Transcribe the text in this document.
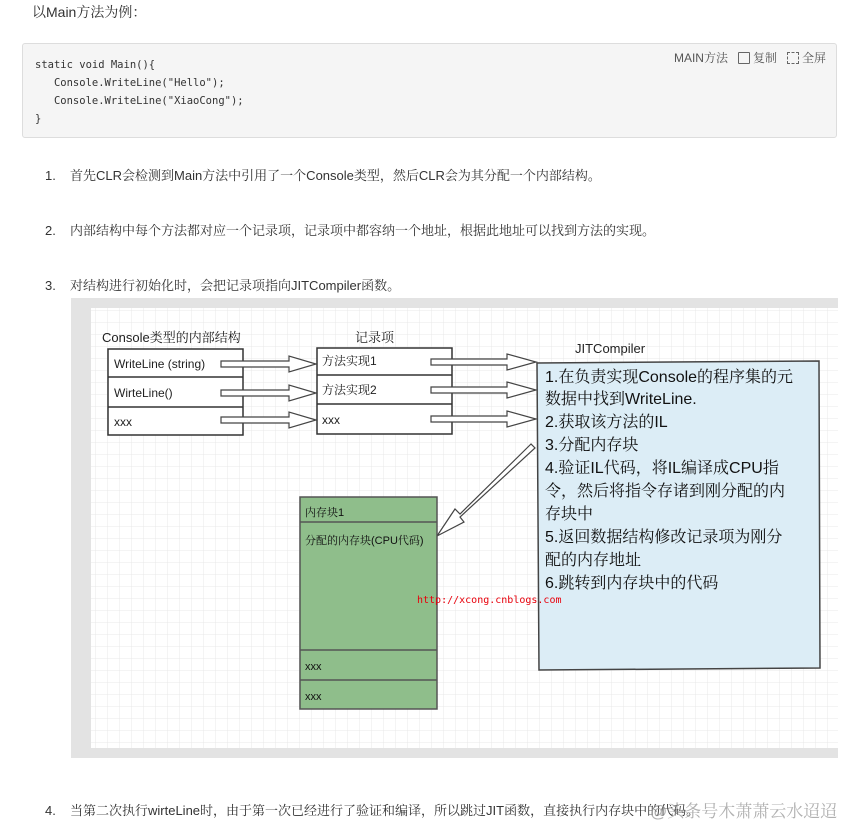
以Main方法为例：
static void Main(){
Console.WriteLine("Hello");
Console.WriteLine("XiaoCong");
}
MAIN方法 复制 全屏
1. 首先CLR会检测到Main方法中引用了一个Console类型，然后CLR会为其分配一个内部结构。
2. 内部结构中每个方法都对应一个记录项，记录项中都容纳一个地址，根据此地址可以找到方法的实现。
3. 对结构进行初始化时，会把记录项指向JITCompiler函数。
4. 当第二次执行wirteLine时，由于第一次已经进行了验证和编译，所以跳过JIT函数，直接执行内存块中的代码。
Console类型的内部结构
WriteLine (string)
WirteLine()
xxx
记录项
方法实现1
方法实现2
xxx
JITCompiler
1.在负责实现Console的程序集的元
数据中找到WriteLine.
2.获取该方法的IL
3.分配内存块
4.验证IL代码，将IL编译成CPU指
令，然后将指令存诸到刚分配的内
存块中
5.返回数据结构修改记录项为刚分
配的内存地址
6.跳转到内存块中的代码
内存块1
分配的内存块(CPU代码)
xxx
xxx
http://xcong.cnblogs.com
@头条号木萧萧云水迢迢
